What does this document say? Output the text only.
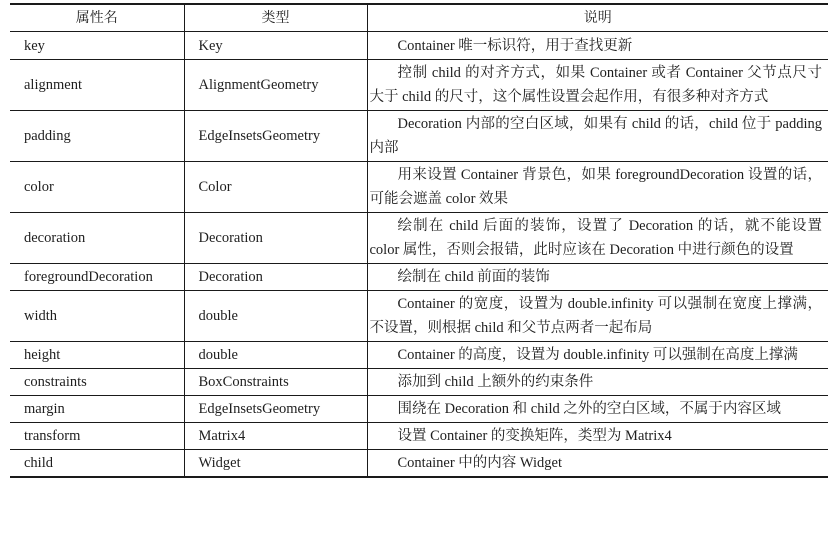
属性名	类型	说明
key	Key	Container 唯一标识符，用于查找更新

alignment	AlignmentGeometry	控制 child 的对齐方式，如果 Container 或者 Container 父节点尺寸大于 child 的尺寸，这个属性设置会起作用，有很多种对齐方式

padding	EdgeInsetsGeometry	Decoration 内部的空白区域，如果有 child 的话，child 位于 padding 内部

color	Color	用来设置 Container 背景色，如果 foregroundDecoration 设置的话，可能会遮盖 color 效果

decoration	Decoration	绘制在 child 后面的装饰，设置了 Decoration 的话，就不能设置 color 属性，否则会报错，此时应该在 Decoration 中进行颜色的设置

foregroundDecoration	Decoration	绘制在 child 前面的装饰

width	double	Container 的宽度，设置为 double.infinity 可以强制在宽度上撑满，不设置，则根据 child 和父节点两者一起布局

height	double	Container 的高度，设置为 double.infinity 可以强制在高度上撑满

constraints	BoxConstraints	添加到 child 上额外的约束条件

margin	EdgeInsetsGeometry	围绕在 Decoration 和 child 之外的空白区域，不属于内容区域

transform	Matrix4	设置 Container 的变换矩阵，类型为 Matrix4

child	Widget	Container 中的内容 Widget
